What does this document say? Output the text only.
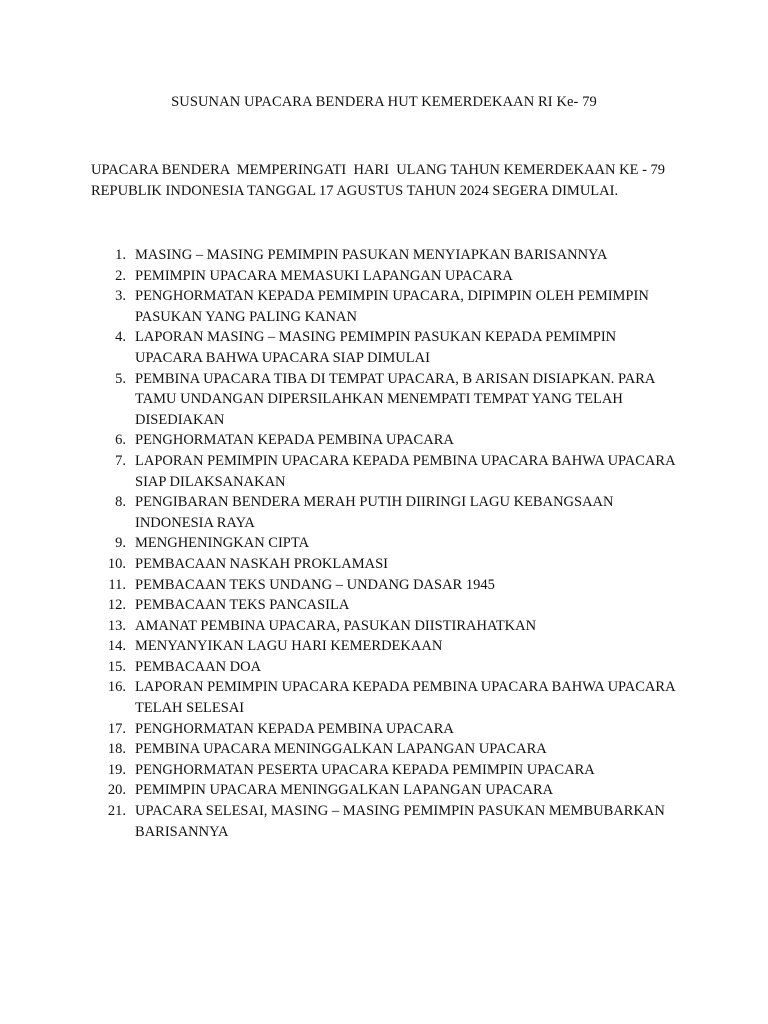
SUSUNAN UPACARA BENDERA HUT KEMERDEKAAN RI Ke- 79

UPACARA BENDERA  MEMPERINGATI  HARI  ULANG TAHUN KEMERDEKAAN KE - 79 REPUBLIK INDONESIA TANGGAL 17 AGUSTUS TAHUN 2024 SEGERA DIMULAI.

1. MASING – MASING PEMIMPIN PASUKAN MENYIAPKAN BARISANNYA
2. PEMIMPIN UPACARA MEMASUKI LAPANGAN UPACARA
3. PENGHORMATAN KEPADA PEMIMPIN UPACARA, DIPIMPIN OLEH PEMIMPIN PASUKAN YANG PALING KANAN
4. LAPORAN MASING – MASING PEMIMPIN PASUKAN KEPADA PEMIMPIN UPACARA BAHWA UPACARA SIAP DIMULAI
5. PEMBINA UPACARA TIBA DI TEMPAT UPACARA, B ARISAN DISIAPKAN. PARA TAMU UNDANGAN DIPERSILAHKAN MENEMPATI TEMPAT YANG TELAH DISEDIAKAN
6. PENGHORMATAN KEPADA PEMBINA UPACARA
7. LAPORAN PEMIMPIN UPACARA KEPADA PEMBINA UPACARA BAHWA UPACARA SIAP DILAKSANAKAN
8. PENGIBARAN BENDERA MERAH PUTIH DIIRINGI LAGU KEBANGSAAN INDONESIA RAYA
9. MENGHENINGKAN CIPTA
10. PEMBACAAN NASKAH PROKLAMASI
11. PEMBACAAN TEKS UNDANG – UNDANG DASAR 1945
12. PEMBACAAN TEKS PANCASILA
13. AMANAT PEMBINA UPACARA, PASUKAN DIISTIRAHATKAN
14. MENYANYIKAN LAGU HARI KEMERDEKAAN
15. PEMBACAAN DOA
16. LAPORAN PEMIMPIN UPACARA KEPADA PEMBINA UPACARA BAHWA UPACARA TELAH SELESAI
17. PENGHORMATAN KEPADA PEMBINA UPACARA
18. PEMBINA UPACARA MENINGGALKAN LAPANGAN UPACARA
19. PENGHORMATAN PESERTA UPACARA KEPADA PEMIMPIN UPACARA
20. PEMIMPIN UPACARA MENINGGALKAN LAPANGAN UPACARA
21. UPACARA SELESAI, MASING – MASING PEMIMPIN PASUKAN MEMBUBARKAN BARISANNYA
